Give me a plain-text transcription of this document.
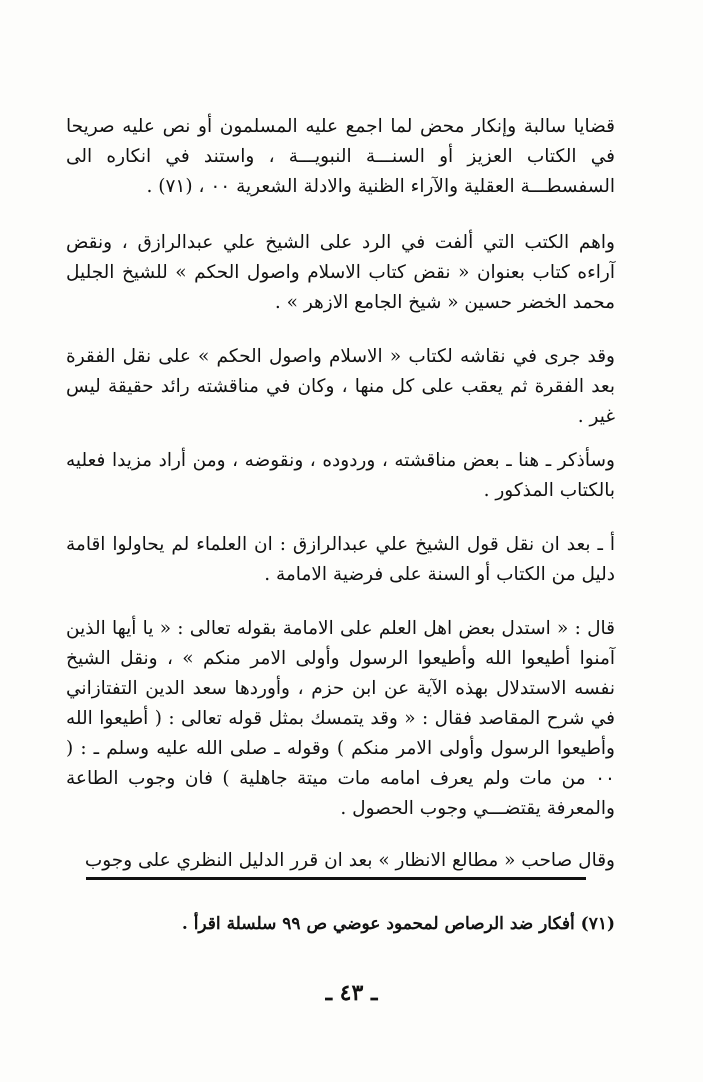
قضايا سالبة وإنكار محض لما اجمع عليه المسلمون أو نص عليه صريحا في الكتاب العزيز أو السنـــة النبويـــة ، واستند في انكاره الى السفسطـــة العقلية والآراء الظنية والادلة الشعرية ٠٠ ، (٧١) .

واهم الكتب التي ألفت في الرد على الشيخ علي عبدالرازق ، ونقض آراءه كتاب بعنوان « نقض كتاب الاسلام واصول الحكم » للشيخ الجليل محمد الخضر حسين « شيخ الجامع الازهر » .

وقد جرى في نقاشه لكتاب « الاسلام واصول الحكم » على نقل الفقرة بعد الفقرة ثم يعقب على كل منها ، وكان في مناقشته رائد حقيقة ليس غير .

وسأذكر ـ هنا ـ بعض مناقشته ، وردوده ، ونقوضه ، ومن أراد مزيدا فعليه بالكتاب المذكور .

أ ـ بعد ان نقل قول الشيخ علي عبدالرازق : ان العلماء لم يحاولوا اقامة دليل من الكتاب أو السنة على فرضية الامامة .

قال : « استدل بعض اهل العلم على الامامة بقوله تعالى : « يا أيها الذين آمنوا أطيعوا الله وأطيعوا الرسول وأولى الامر منكم » ، ونقل الشيخ نفسه الاستدلال بهذه الآية عن ابن حزم ، وأوردها سعد الدين التفتازاني في شرح المقاصد فقال : « وقد يتمسك بمثل قوله تعالى : ( أطيعوا الله وأطيعوا الرسول وأولى الامر منكم ) وقوله ـ صلى الله عليه وسلم ـ : ( ٠٠ من مات ولم يعرف امامه مات ميتة جاهلية ) فان وجوب الطاعة والمعرفة يقتضـــي وجوب الحصول .

وقال صاحب « مطالع الانظار » بعد ان قرر الدليل النظري على وجوب

(٧١) أفكار ضد الرصاص لمحمود عوضي ص ٩٩ سلسلة اقرأ .

ـ ٤٣ ـ
